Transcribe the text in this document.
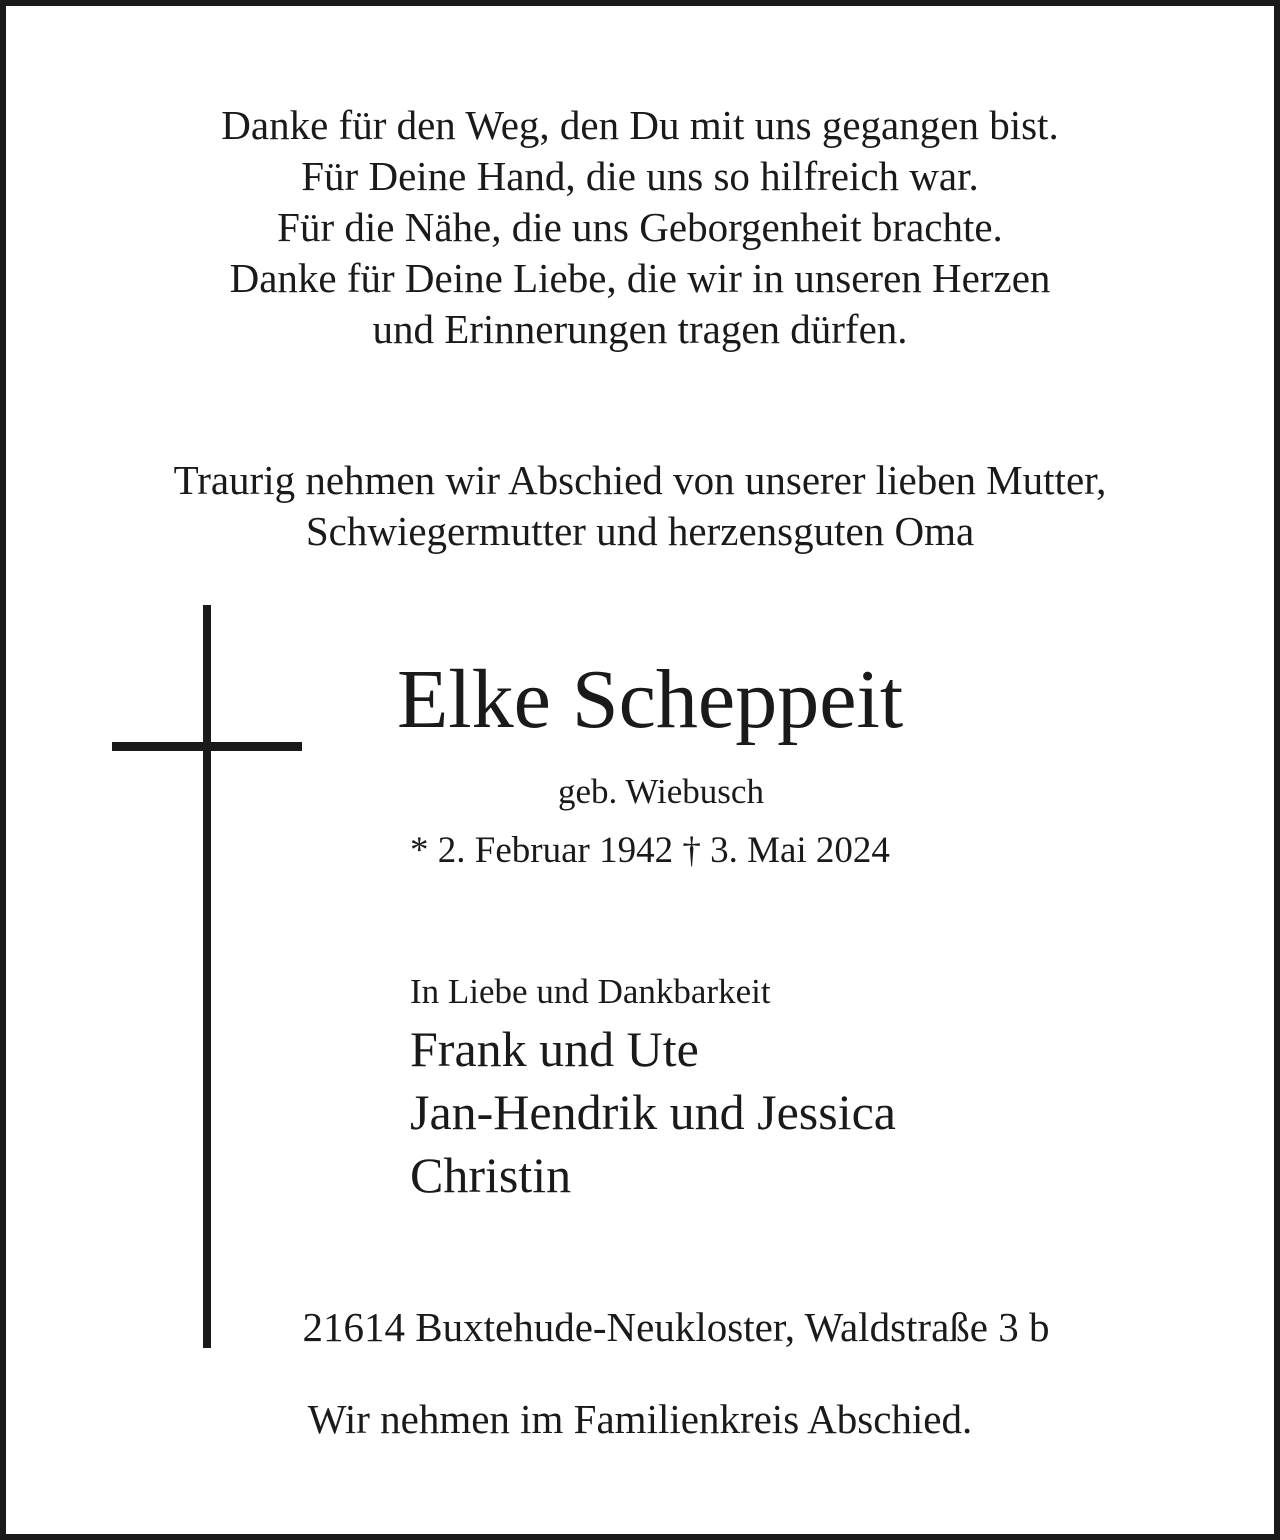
Danke für den Weg, den Du mit uns gegangen bist.
Für Deine Hand, die uns so hilfreich war.
Für die Nähe, die uns Geborgenheit brachte.
Danke für Deine Liebe, die wir in unseren Herzen
und Erinnerungen tragen dürfen.
Traurig nehmen wir Abschied von unserer lieben Mutter,
Schwiegermutter und herzensguten Oma
Elke Scheppeit
geb. Wiebusch
* 2. Februar 1942 † 3. Mai 2024
In Liebe und Dankbarkeit
Frank und Ute
Jan-Hendrik und Jessica
Christin
21614 Buxtehude-Neukloster, Waldstraße 3 b
Wir nehmen im Familienkreis Abschied.
